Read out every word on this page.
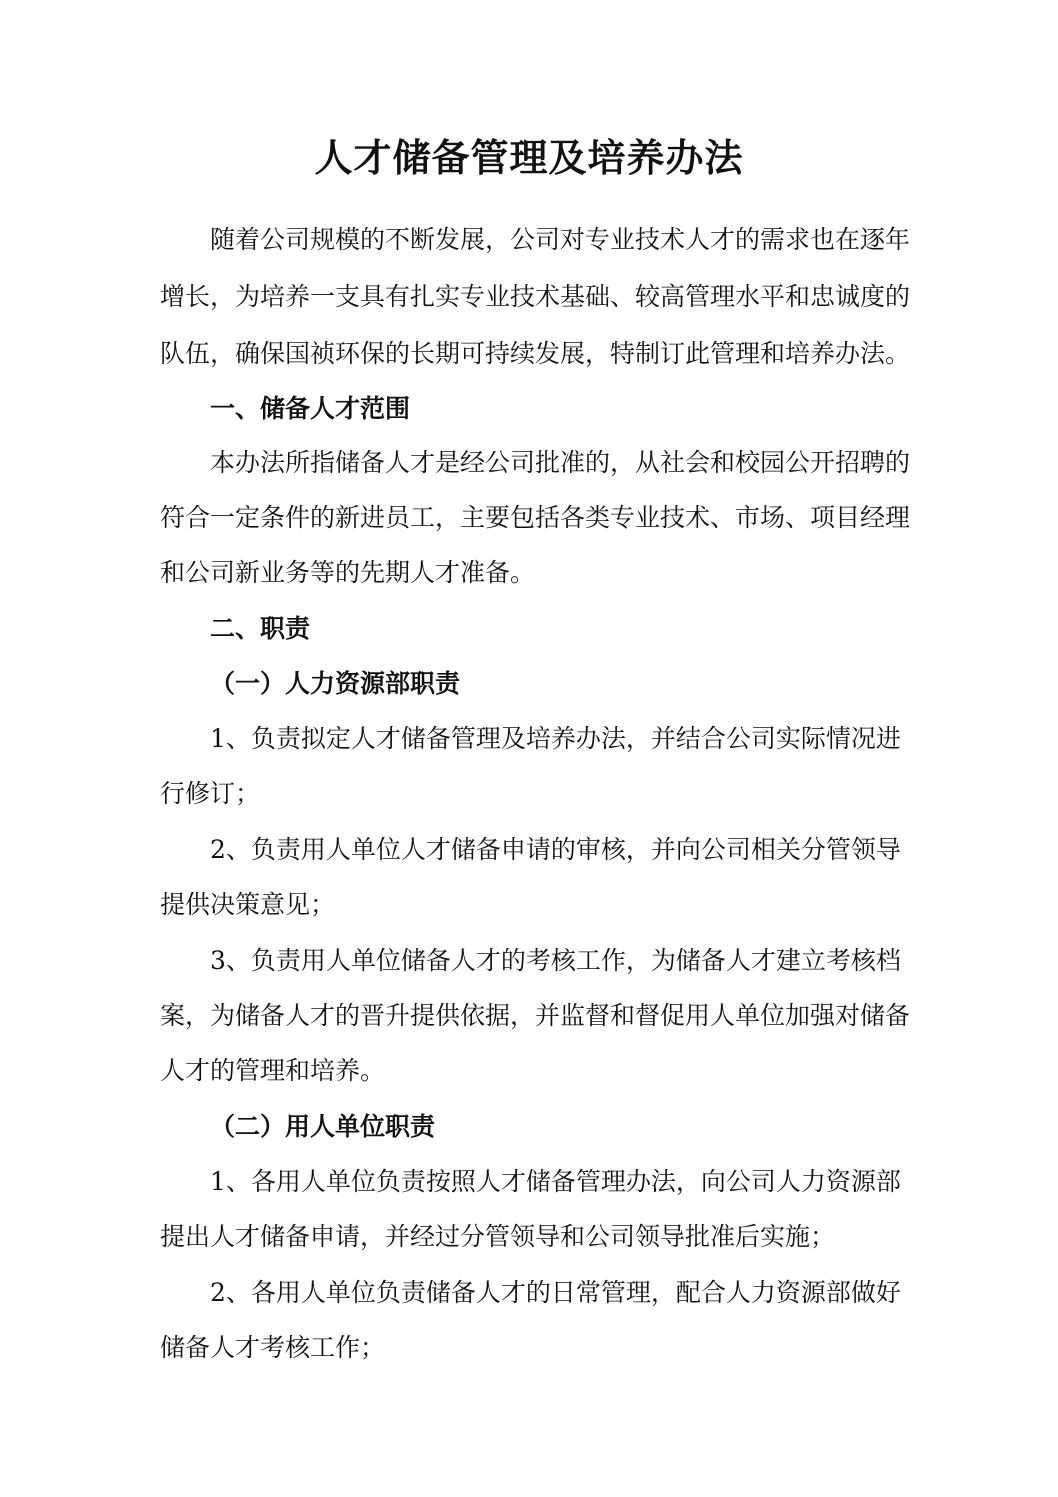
人才储备管理及培养办法
随着公司规模的不断发展，公司对专业技术人才的需求也在逐年
增长，为培养一支具有扎实专业技术基础、较高管理水平和忠诚度的
队伍，确保国祯环保的长期可持续发展，特制订此管理和培养办法。
一、储备人才范围
本办法所指储备人才是经公司批准的，从社会和校园公开招聘的
符合一定条件的新进员工，主要包括各类专业技术、市场、项目经理
和公司新业务等的先期人才准备。
二、职责
（一）人力资源部职责
1、负责拟定人才储备管理及培养办法，并结合公司实际情况进
行修订；
2、负责用人单位人才储备申请的审核，并向公司相关分管领导
提供决策意见；
3、负责用人单位储备人才的考核工作，为储备人才建立考核档
案，为储备人才的晋升提供依据，并监督和督促用人单位加强对储备
人才的管理和培养。
（二）用人单位职责
1、各用人单位负责按照人才储备管理办法，向公司人力资源部
提出人才储备申请，并经过分管领导和公司领导批准后实施；
2、各用人单位负责储备人才的日常管理，配合人力资源部做好
储备人才考核工作；
